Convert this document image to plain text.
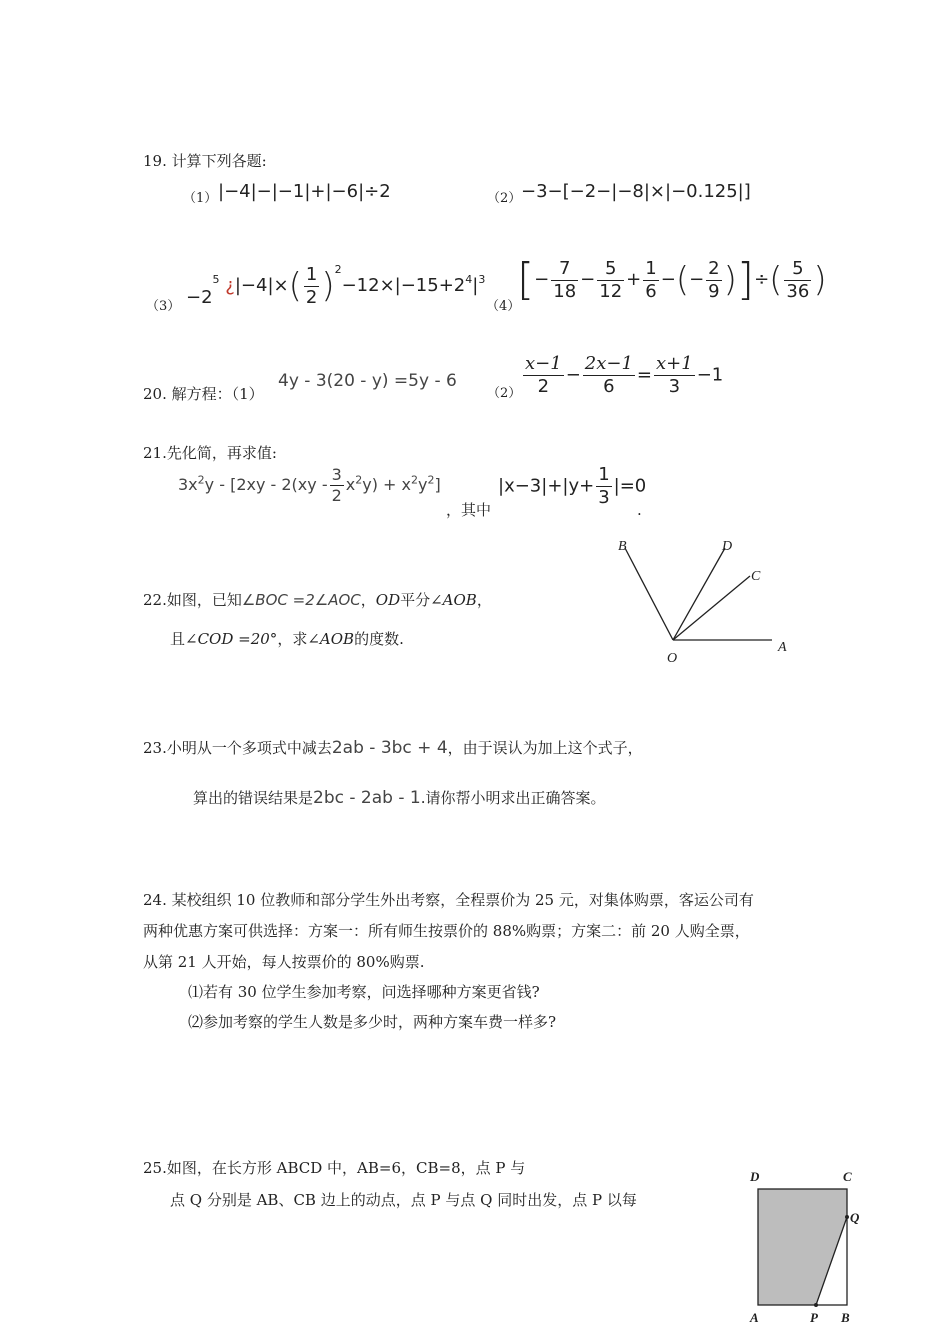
19. 计算下列各题:
（1） |−4|−|−1|+|−6|÷2	（2） −3−[−2−|−8|×|−0.125|]
$(3) -2^5$ ¿$|-4|\times( \frac{1}{2} )^2-12\times|-15+2^4|^3$
（4）
[− $\frac{7}{18} - \frac{5}{12} + \frac{1}{6}$ −(− $\frac{2}{9}$ )]÷( $\frac{5}{36}$ )
20. 解方程：（1）
4y - 3(20 - y) =5y - 6
$(2) \frac{x-1}{2} - \frac{2x-1}{6} = \frac{x+1}{3} -1$
21.先化简，再求值:
$3x^2y - [2xy - 2(xy - \frac{3}{2} x^2y) + x^2y^2]$
，其中
$|x-3|+|y+ \frac{1}{3} |=0$
.
22.如图，已知∠BOC =2∠AOC，OD平分∠AOB，
且∠COD =20°，求∠AOB的度数.
B	D
C
A
O
23.小明从一个多项式中减去2ab - 3bc + 4，由于误认为加上这个式子，
算出的错误结果是2bc - 2ab - 1.请你帮小明求出正确答案。
24. 某校组织 10 位教师和部分学生外出考察，全程票价为 25 元，对集体购票，客运公司有
两种优惠方案可供选择：方案一：所有师生按票价的 88%购票；方案二：前 20 人购全票，
从第 21 人开始，每人按票价的 80%购票.
⑴若有 30 位学生参加考察，问选择哪种方案更省钱?
⑵参加考察的学生人数是多少时，两种方案车费一样多?
25.如图，在长方形 ABCD 中，AB=6，CB=8，点 P 与
点 Q 分别是 AB、CB 边上的动点，点 P 与点 Q 同时出发，点 P 以每
D	C
Q
A	P B
